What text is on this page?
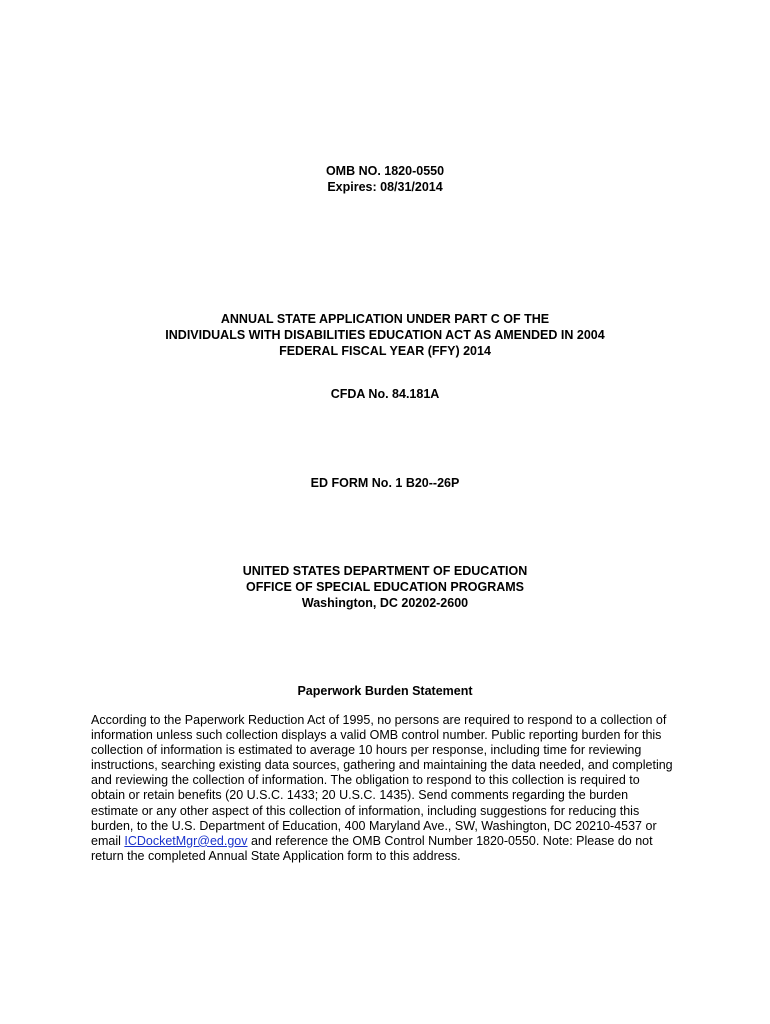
OMB NO. 1820-0550
Expires: 08/31/2014
ANNUAL STATE APPLICATION UNDER PART C OF THE
INDIVIDUALS WITH DISABILITIES EDUCATION ACT AS AMENDED IN 2004
FEDERAL FISCAL YEAR (FFY) 2014
CFDA No. 84.181A
ED FORM No. 1 B20--26P
UNITED STATES DEPARTMENT OF EDUCATION
OFFICE OF SPECIAL EDUCATION PROGRAMS
Washington, DC 20202-2600
Paperwork Burden Statement
According to the Paperwork Reduction Act of 1995, no persons are required to respond to a collection of
information unless such collection displays a valid OMB control number. Public reporting burden for this
collection of information is estimated to average 10 hours per response, including time for reviewing
instructions, searching existing data sources, gathering and maintaining the data needed, and completing
and reviewing the collection of information. The obligation to respond to this collection is required to
obtain or retain benefits (20 U.S.C. 1433; 20 U.S.C. 1435). Send comments regarding the burden
estimate or any other aspect of this collection of information, including suggestions for reducing this
burden, to the U.S. Department of Education, 400 Maryland Ave., SW, Washington, DC 20210-4537 or
email ICDocketMgr@ed.gov and reference the OMB Control Number 1820-0550. Note: Please do not
return the completed Annual State Application form to this address.
